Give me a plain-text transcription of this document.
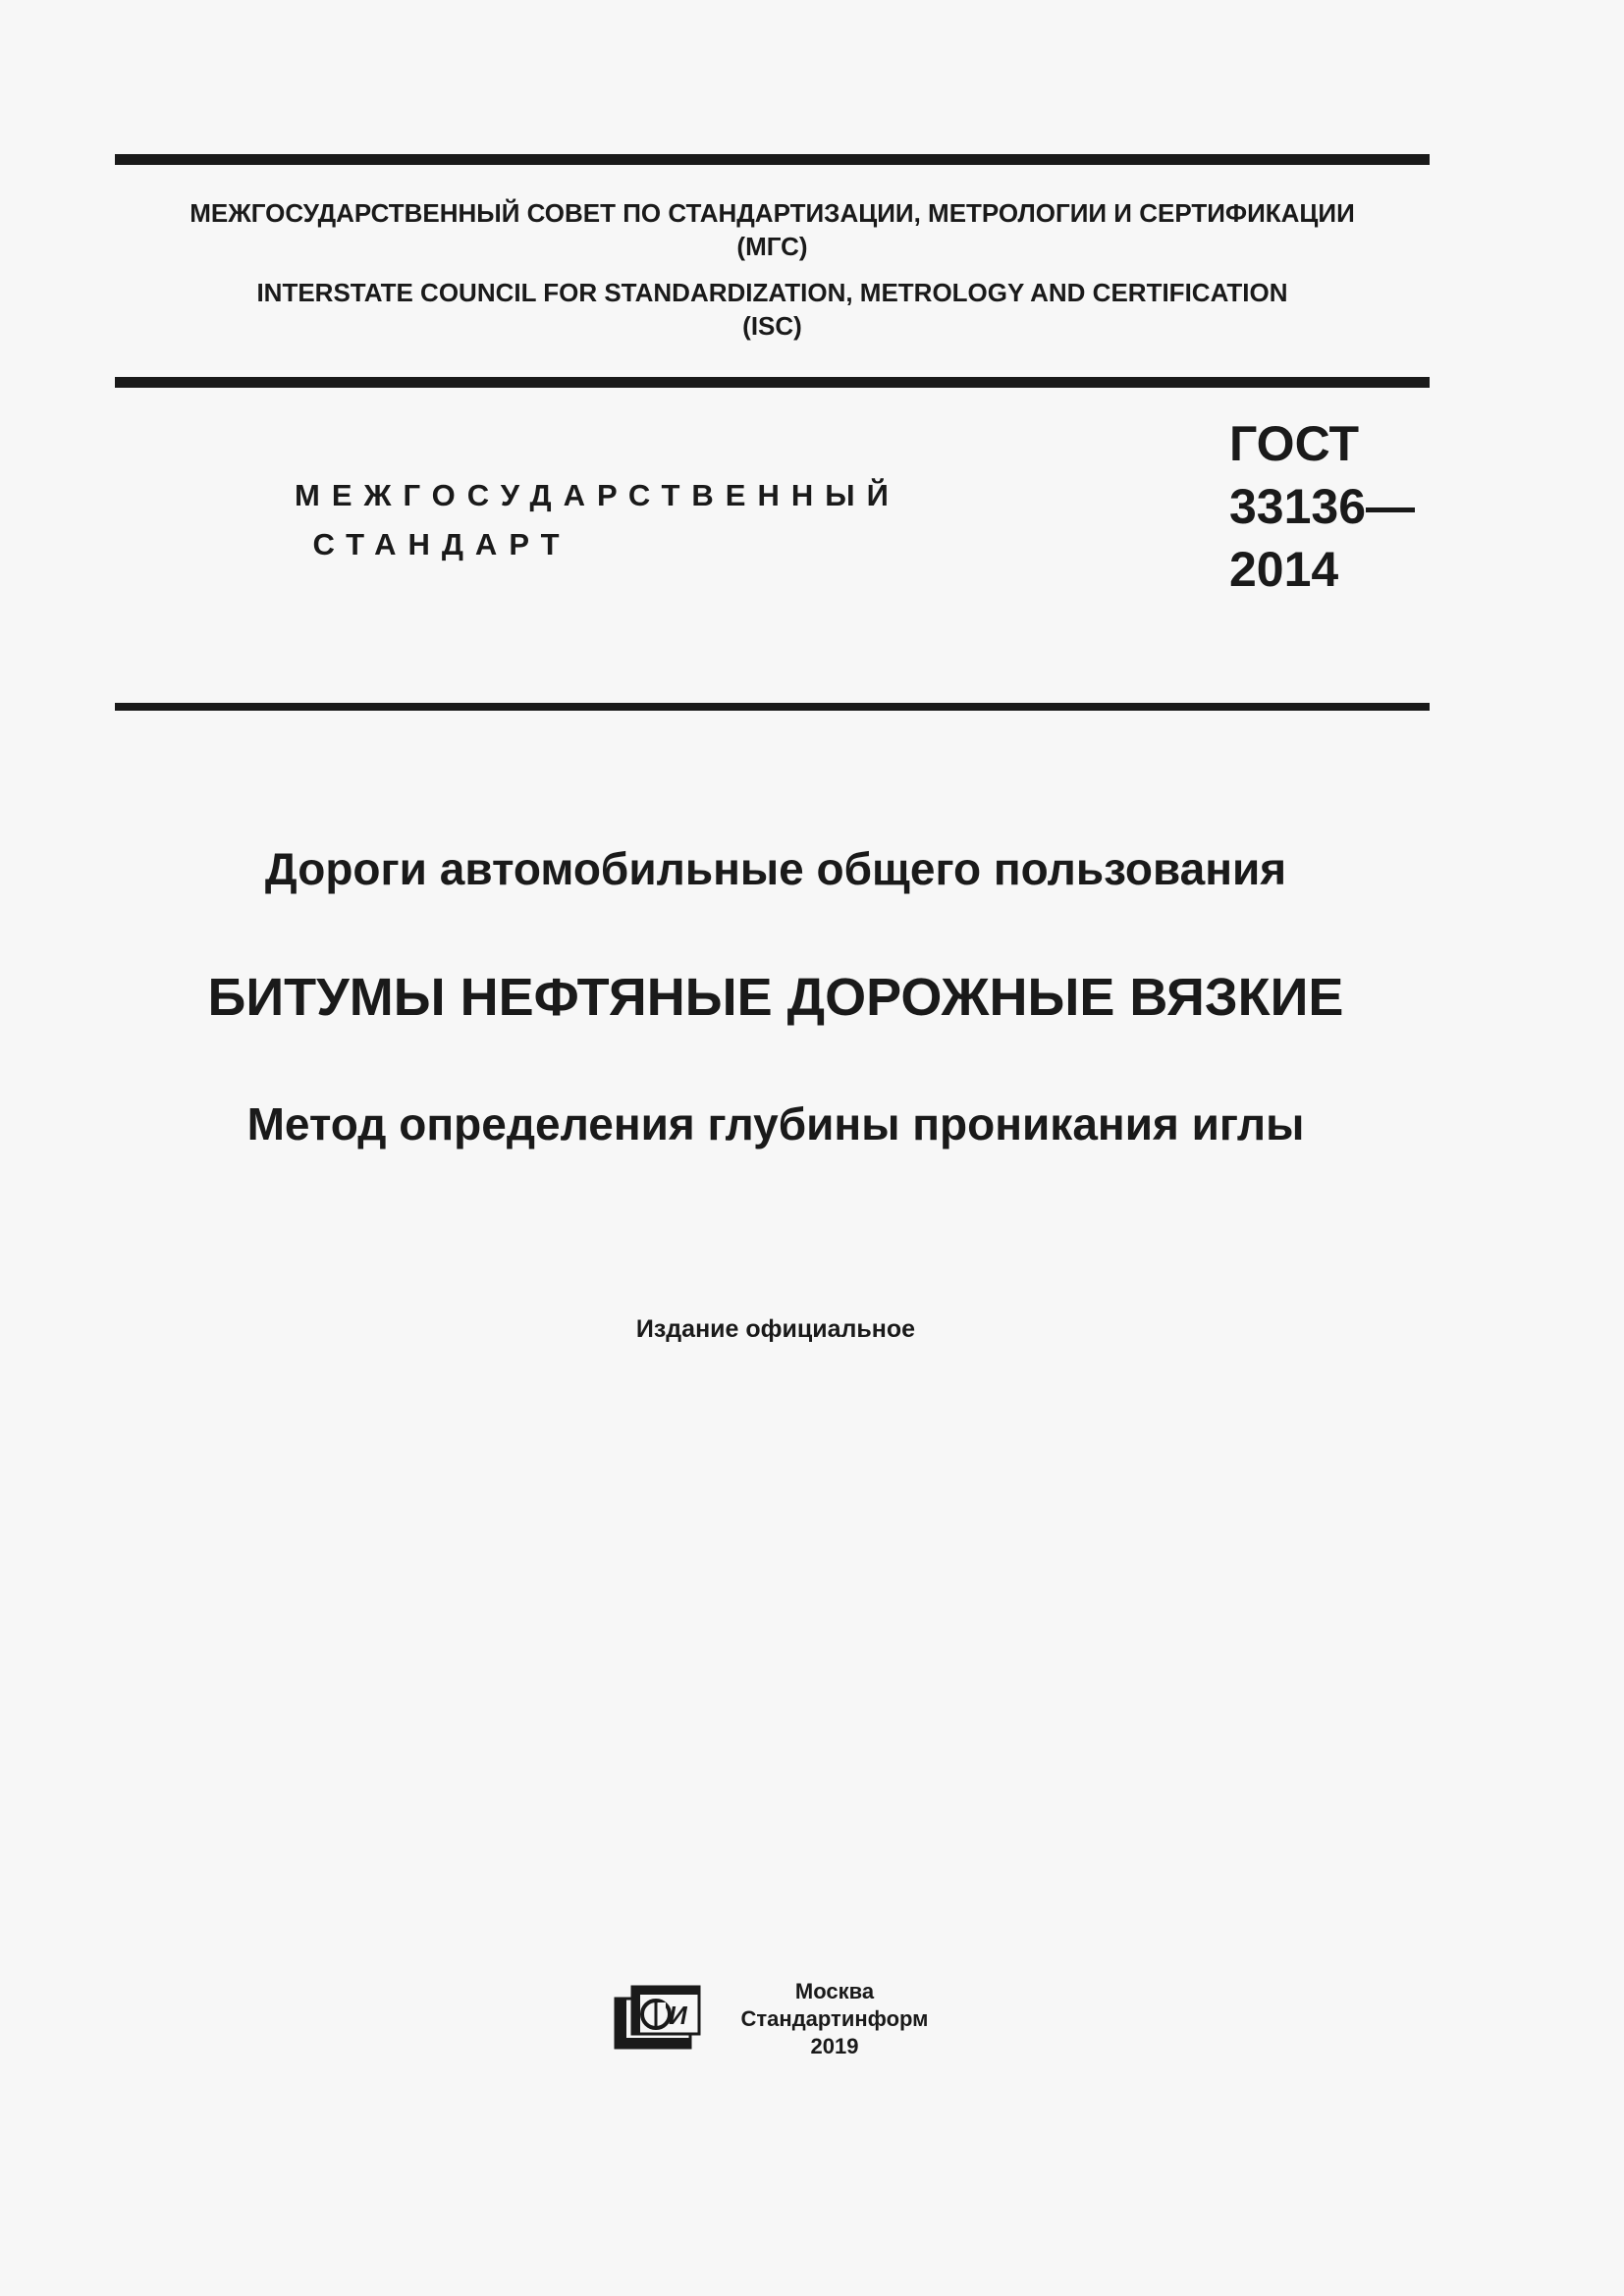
МЕЖГОСУДАРСТВЕННЫЙ СОВЕТ ПО СТАНДАРТИЗАЦИИ, МЕТРОЛОГИИ И СЕРТИФИКАЦИИ
(МГС)
INTERSTATE COUNCIL FOR STANDARDIZATION, METROLOGY AND CERTIFICATION
(ISC)
МЕЖГОСУДАРСТВЕННЫЙ
СТАНДАРТ
ГОСТ
33136—
2014
Дороги автомобильные общего пользования
БИТУМЫ НЕФТЯНЫЕ ДОРОЖНЫЕ ВЯЗКИЕ
Метод определения глубины проникания иглы
Издание официальное
И
Москва
Стандартинформ
2019
